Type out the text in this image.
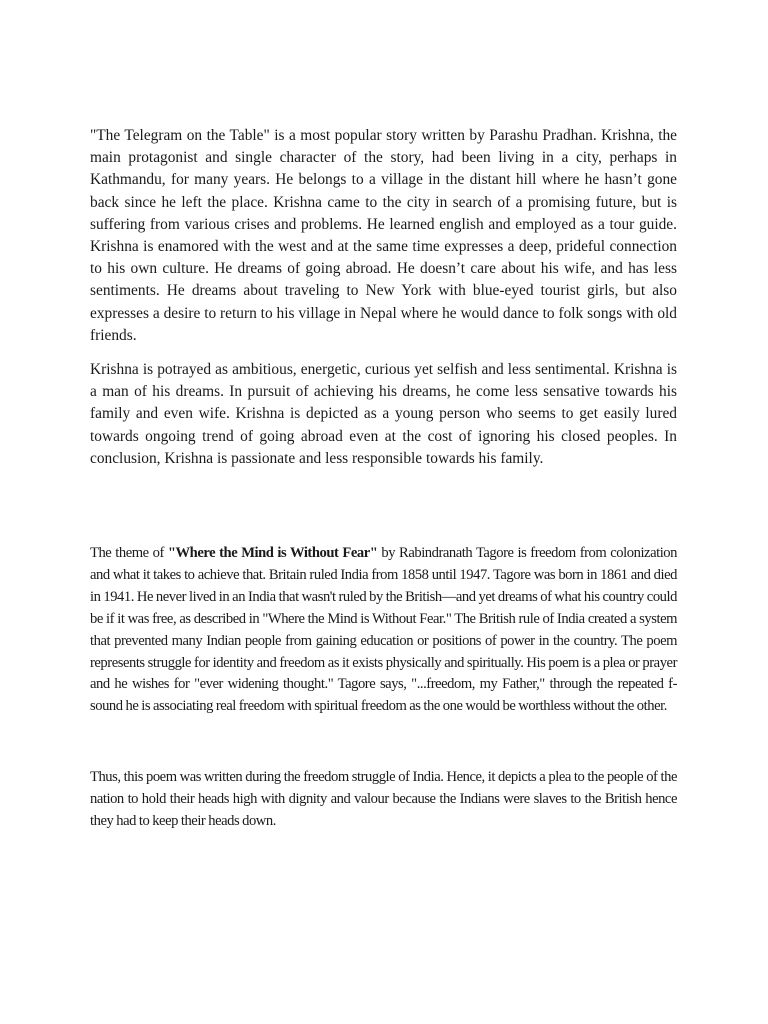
"The Telegram on the Table" is a most popular story written by Parashu Pradhan. Krishna, the main protagonist and single character of the story, had been living in a city, perhaps in Kathmandu, for many years. He belongs to a village in the distant hill where he hasn’t gone back since he left the place. Krishna came to the city in search of a promising future, but is suffering from various crises and problems. He learned english and employed as a tour guide. Krishna is enamored with the west and at the same time expresses a deep, prideful connection to his own culture. He dreams of going abroad. He doesn’t care about his wife, and has less sentiments. He dreams about traveling to New York with blue-eyed tourist girls, but also expresses a desire to return to his village in Nepal where he would dance to folk songs with old friends.

Krishna is potrayed as ambitious, energetic, curious yet selfish and less sentimental. Krishna is a man of his dreams. In pursuit of achieving his dreams, he come less sensative towards his family and even wife. Krishna is depicted as a young person who seems to get easily lured towards ongoing trend of going abroad even at the cost of ignoring his closed peoples. In conclusion, Krishna is passionate and less responsible towards his family.

The theme of "Where the Mind is Without Fear" by Rabindranath Tagore is freedom from colonization and what it takes to achieve that. Britain ruled India from 1858 until 1947. Tagore was born in 1861 and died in 1941. He never lived in an India that wasn't ruled by the British—and yet dreams of what his country could be if it was free, as described in "Where the Mind is Without Fear." The British rule of India created a system that prevented many Indian people from gaining education or positions of power in the country. The poem represents struggle for identity and freedom as it exists physically and spiritually. His poem is a plea or prayer and he wishes for "ever widening thought." Tagore says, "...freedom, my Father," through the repeated f-sound he is associating real freedom with spiritual freedom as the one would be worthless without the other.

Thus, this poem was written during the freedom struggle of India. Hence, it depicts a plea to the people of the nation to hold their heads high with dignity and valour because the Indians were slaves to the British hence they had to keep their heads down.
